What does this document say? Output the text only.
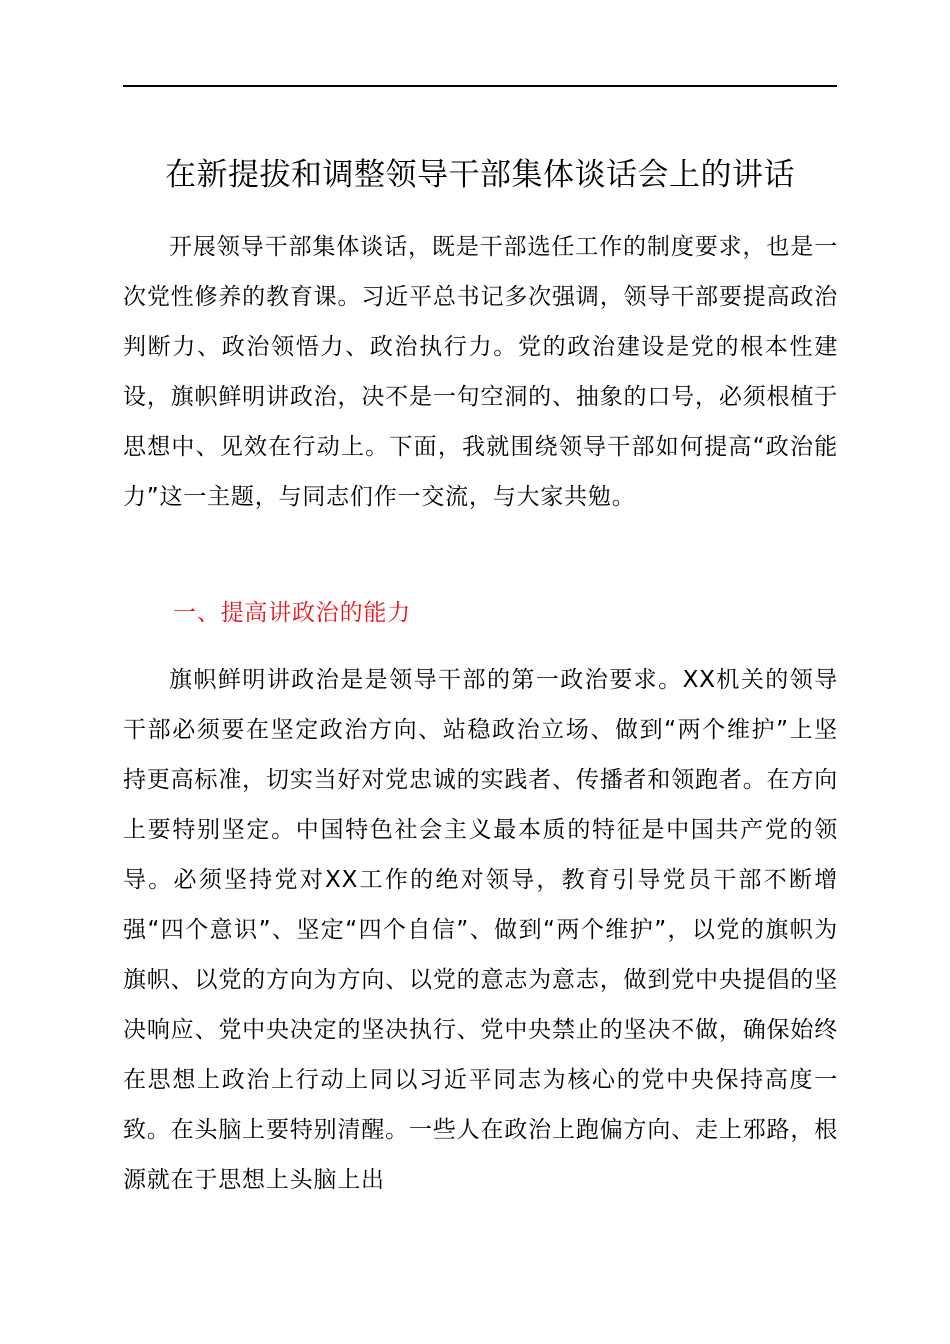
在新提拔和调整领导干部集体谈话会上的讲话

开展领导干部集体谈话，既是干部选任工作的制度要求，也是一次党性修养的教育课。习近平总书记多次强调，领导干部要提高政治判断力、政治领悟力、政治执行力。党的政治建设是党的根本性建设，旗帜鲜明讲政治，决不是一句空洞的、抽象的口号，必须根植于思想中、见效在行动上。下面，我就围绕领导干部如何提高“政治能力”这一主题，与同志们作一交流，与大家共勉。

一、提高讲政治的能力

旗帜鲜明讲政治是是领导干部的第一政治要求。XX机关的领导干部必须要在坚定政治方向、站稳政治立场、做到“两个维护”上坚持更高标准，切实当好对党忠诚的实践者、传播者和领跑者。在方向上要特别坚定。中国特色社会主义最本质的特征是中国共产党的领导。必须坚持党对XX工作的绝对领导，教育引导党员干部不断增强“四个意识”、坚定“四个自信”、做到“两个维护”，以党的旗帜为旗帜、以党的方向为方向、以党的意志为意志，做到党中央提倡的坚决响应、党中央决定的坚决执行、党中央禁止的坚决不做，确保始终在思想上政治上行动上同以习近平同志为核心的党中央保持高度一致。在头脑上要特别清醒。一些人在政治上跑偏方向、走上邪路，根源就在于思想上头脑上出
